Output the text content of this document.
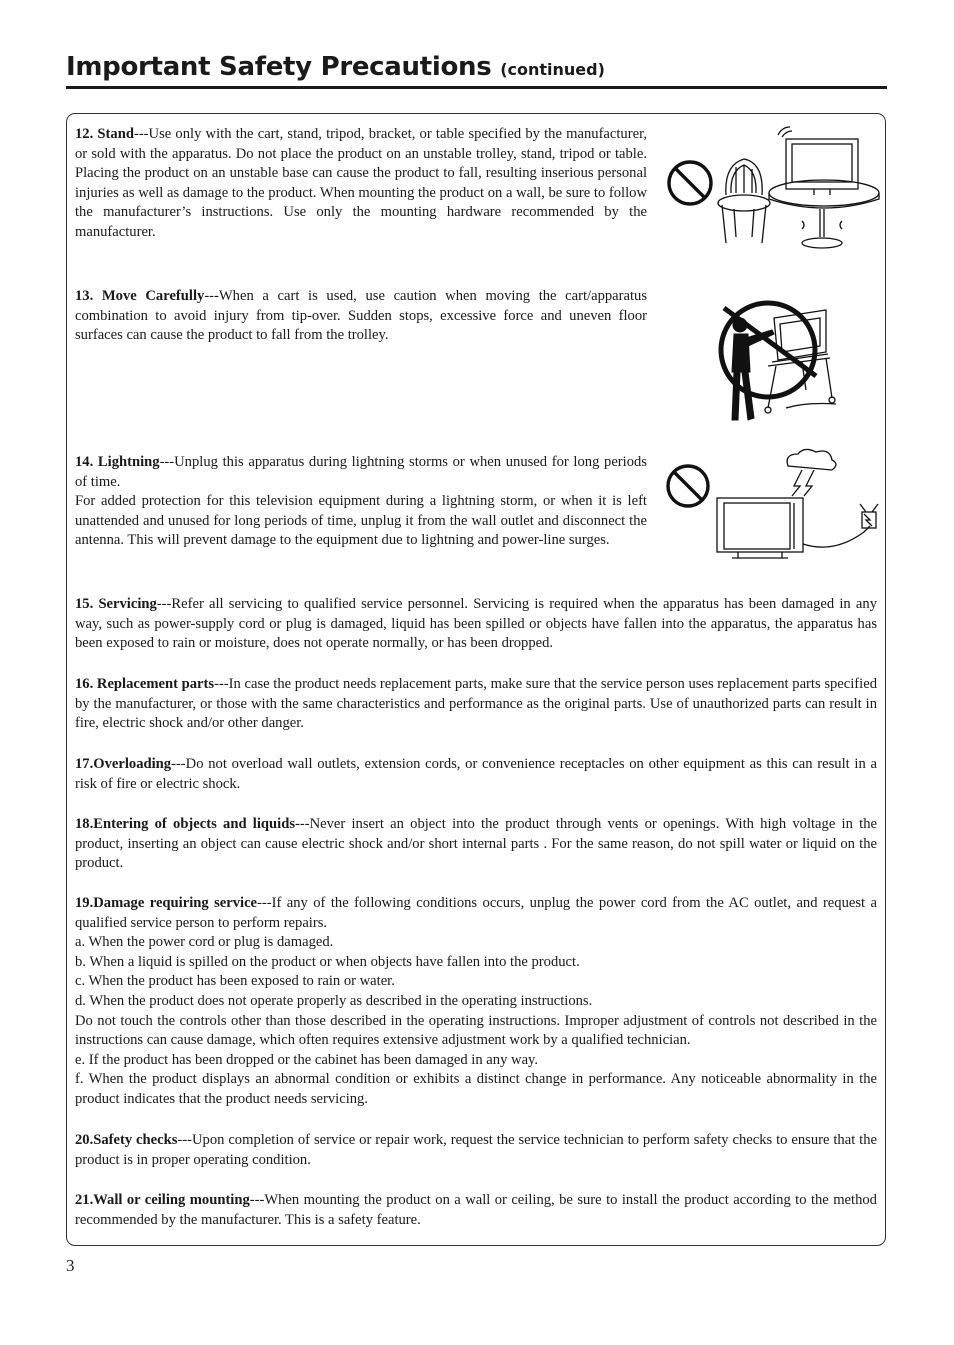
Important Safety Precautions (continued)

12. Stand---Use only with the cart, stand, tripod, bracket, or table specified by the manufacturer, or sold with the apparatus. Do not place the product on an unstable trolley, stand, tripod or table. Placing the product on an unstable base can cause the product to fall, resulting inserious personal injuries as well as damage to the product. When mounting the product on a wall, be sure to follow the manufacturer’s instructions. Use only the mounting hardware recommended by the manufacturer.

13. Move Carefully---When a cart is used, use caution when moving the cart/apparatus combination to avoid injury from tip-over. Sudden stops, excessive force and uneven floor surfaces can cause the product to fall from the trolley.

14. Lightning---Unplug this apparatus during lightning storms or when unused for long periods of time.
For added protection for this television equipment during a lightning storm, or when it is left unattended and unused for long periods of time, unplug it from the wall outlet and disconnect the antenna. This will prevent damage to the equipment due to lightning and power-line surges.

15. Servicing---Refer all servicing to qualified service personnel. Servicing is required when the apparatus has been damaged in any way, such as power-supply cord or plug is damaged, liquid has been spilled or objects have fallen into the apparatus, the apparatus has been exposed to rain or moisture, does not operate normally, or has been dropped.

16. Replacement parts---In case the product needs replacement parts, make sure that the service person uses replacement parts specified by the manufacturer, or those with the same characteristics and performance as the original parts. Use of unauthorized parts can result in fire, electric shock and/or other danger.

17.Overloading---Do not overload wall outlets, extension cords, or convenience receptacles on other equipment as this can result in a risk of fire or electric shock.

18.Entering of objects and liquids---Never insert an object into the product through vents or openings. With high voltage in the product, inserting an object can cause electric shock and/or short internal parts . For the same reason, do not spill water or liquid on the product.

19.Damage requiring service---If any of the following conditions occurs, unplug the power cord from the AC outlet, and request a qualified service person to perform repairs.
a. When the power cord or plug is damaged.
b. When a liquid is spilled on the product or when objects have fallen into the product.
c. When the product has been exposed to rain or water.
d. When the product does not operate properly as described in the operating instructions.
Do not touch the controls other than those described in the operating instructions. Improper adjustment of controls not described in the instructions can cause damage, which often requires extensive adjustment work by a qualified technician.
e. If the product has been dropped or the cabinet has been damaged in any way.
f. When the product displays an abnormal condition or exhibits a distinct change in performance. Any noticeable abnormality in the product indicates that the product needs servicing.

20.Safety checks---Upon completion of service or repair work, request the service technician to perform safety checks to ensure that the product is in proper operating condition.

21.Wall or ceiling mounting---When mounting the product on a wall or ceiling, be sure to install the product according to the method recommended by the manufacturer. This is a safety feature.

3
